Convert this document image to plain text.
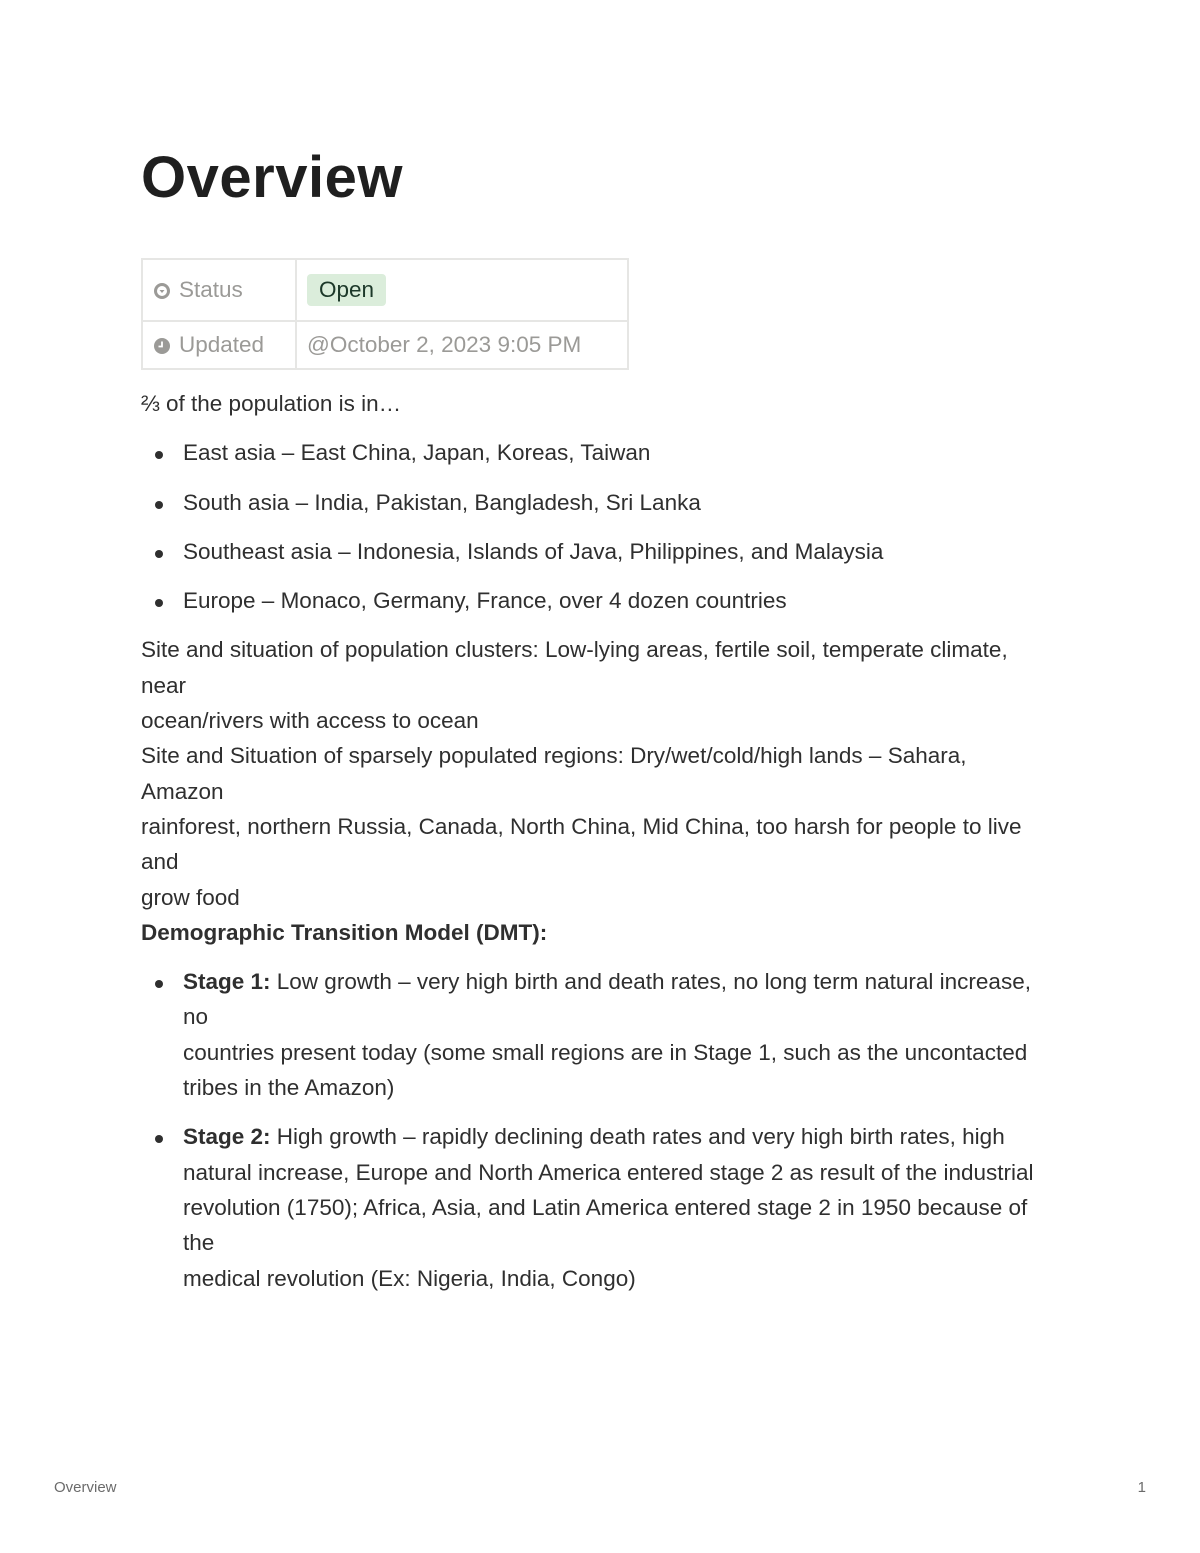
Overview
Status	Open
Updated	@October 2, 2023 9:05 PM

⅔ of the population is in…

East asia – East China, Japan, Koreas, Taiwan
South asia – India, Pakistan, Bangladesh, Sri Lanka
Southeast asia – Indonesia, Islands of Java, Philippines, and Malaysia
Europe – Monaco, Germany, France, over 4 dozen countries

Site and situation of population clusters: Low-lying areas, fertile soil, temperate climate, near

ocean/rivers with access to ocean

Site and Situation of sparsely populated regions: Dry/wet/cold/high lands – Sahara, Amazon

rainforest, northern Russia, Canada, North China, Mid China, too harsh for people to live and

grow food

Demographic Transition Model (DMT):

Stage 1: Low growth – very high birth and death rates, no long term natural increase, no
countries present today (some small regions are in Stage 1, such as the uncontacted tribes in the Amazon)
Stage 2: High growth – rapidly declining death rates and very high birth rates, high
natural increase, Europe and North America entered stage 2 as result of the industrial
revolution (1750); Africa, Asia, and Latin America entered stage 2 in 1950 because of the
medical revolution (Ex: Nigeria, India, Congo)
Overview	1
